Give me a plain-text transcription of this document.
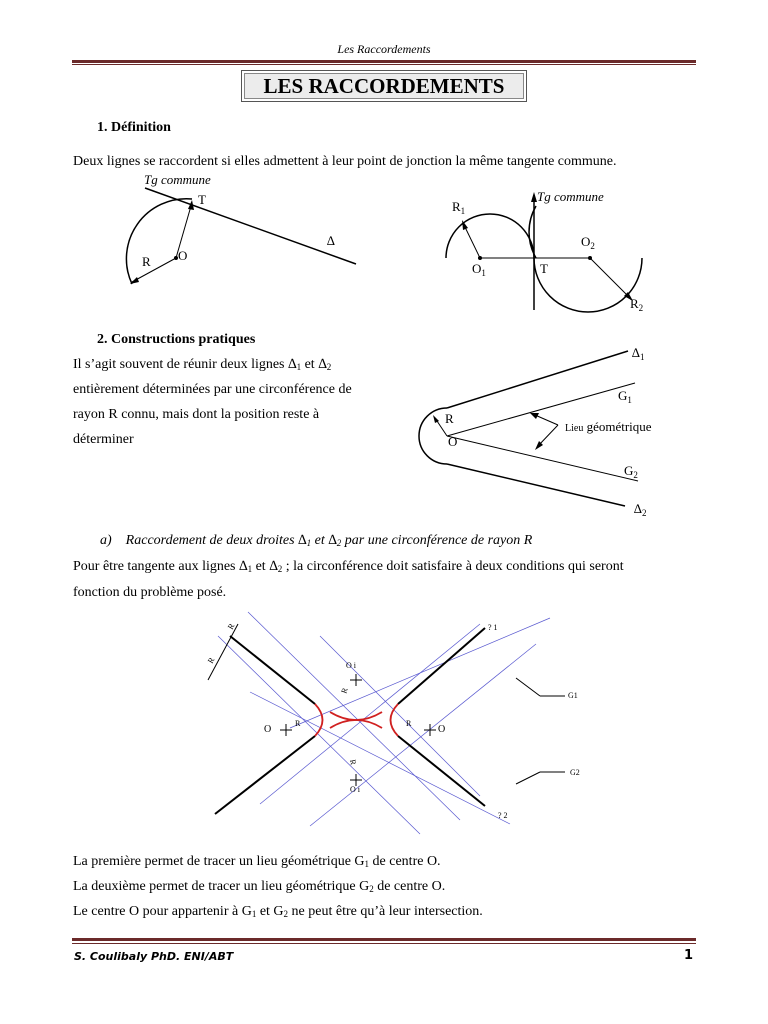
Les Raccordements
LES RACCORDEMENTS
1. Définition
Deux lignes se raccordent si elles admettent à leur point de jonction la même tangente commune.
Tg commune
T
O
R
∆
Tg commune
$R_1$
$O_1$
$O_2$
T
$R_2$
2. Constructions pratiques
Il s’agit souvent de réunir deux lignes $\Delta_1$ et $\Delta_2$
entièrement déterminées par une circonférence de
rayon R connu, mais dont la position reste à
déterminer
$\Delta_1$
$G_1$
R
O
Lieu géométrique
$G_2$
$\Delta_2$
a) Raccordement de deux droites $\Delta_1$ et $\Delta_2$ par une circonférence de rayon R
Pour être tangente aux lignes $\Delta_1$ et $\Delta_2$ ; la circonférence doit satisfaire à deux conditions qui seront
fonction du problème posé.
R
R
O i
R
O
R	R
O
R
O i
G1
G2
? 1
? 2
La première permet de tracer un lieu géométrique $G_1$ de centre O.
La deuxième permet de tracer un lieu géométrique $G_2$ de centre O.
Le centre O pour appartenir à $G_1$ et $G_2$ ne peut être qu’à leur intersection.
S. Coulibaly PhD. ENI/ABT	1
